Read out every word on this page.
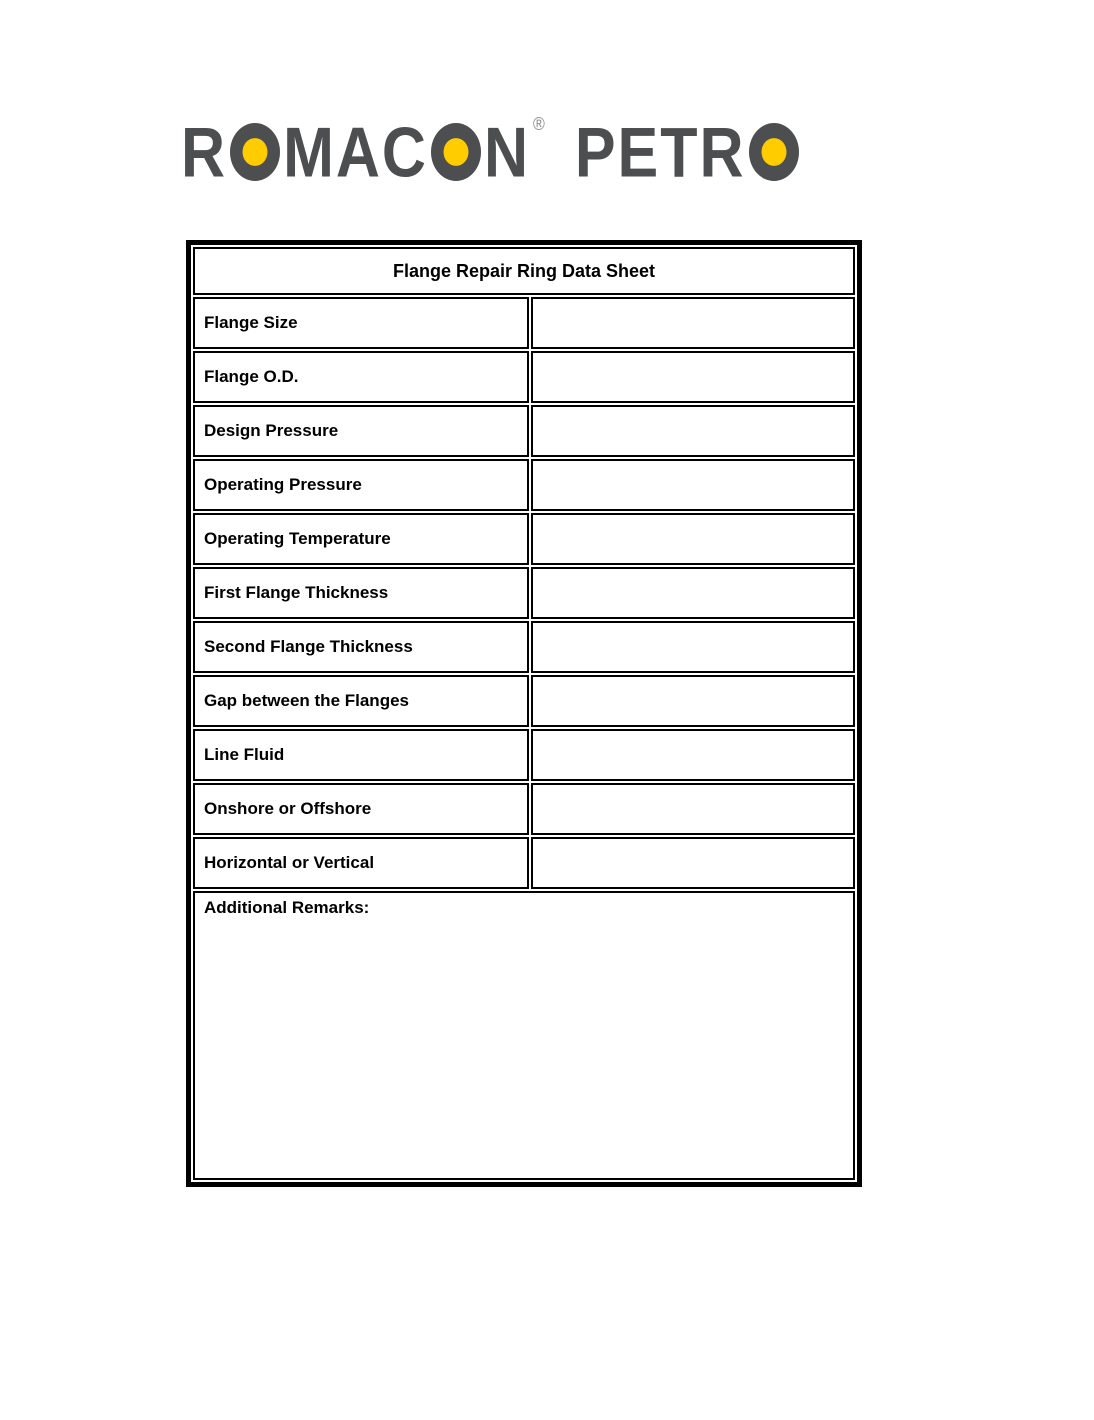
R MAC N ® PETR
Flange Repair Ring Data Sheet	
Flange Size	
Flange O.D.	
Design Pressure	
Operating Pressure	
Operating Temperature	
First Flange Thickness	
Second Flange Thickness	
Gap between the Flanges	
Line Fluid	
Onshore or Offshore	
Horizontal or Vertical	
Additional Remarks:	
